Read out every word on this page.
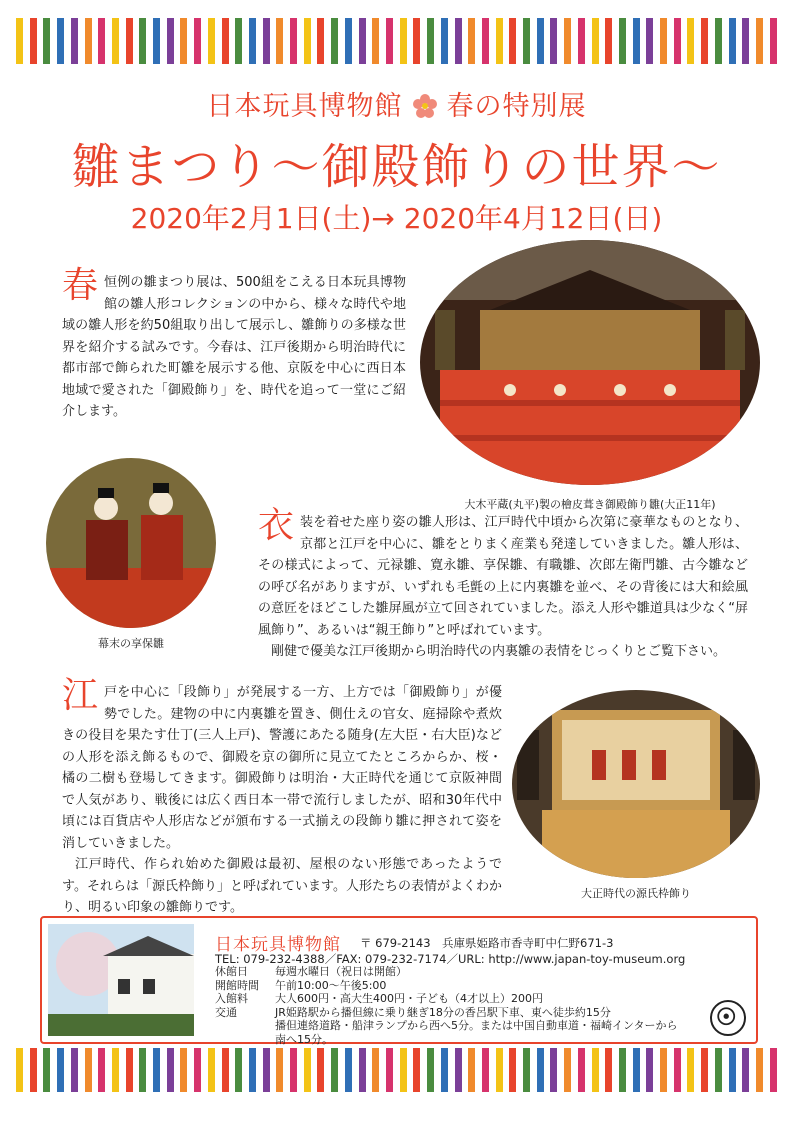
日本玩具博物館 春の特別展
雛まつり～御殿飾りの世界～
2020年2月1日(土)→ 2020年4月12日(日)
春 恒例の雛まつり展は、500組をこえる日本玩具博物館の雛人形コレクションの中から、様々な時代や地域の雛人形を約50組取り出して展示し、雛飾りの多様な世界を紹介する試みです。今春は、江戸後期から明治時代に都市部で飾られた町雛を展示する他、京阪を中心に西日本地域で愛された「御殿飾り」を、時代を追って一堂にご紹介します。
大木平蔵(丸平)製の檜皮葺き御殿飾り雛(大正11年)
幕末の享保雛
衣 装を着せた座り姿の雛人形は、江戸時代中頃から次第に豪華なものとなり、京都と江戸を中心に、雛をとりまく産業も発達していきました。雛人形は、その様式によって、元禄雛、寛永雛、享保雛、有職雛、次郎左衛門雛、古今雛などの呼び名がありますが、いずれも毛氈の上に内裏雛を並べ、その背後には大和絵風の意匠をほどこした雛屏風が立て回されていました。添え人形や雛道具は少なく“屏風飾り”、あるいは“親王飾り”と呼ばれています。

剛健で優美な江戸後期から明治時代の内裏雛の表情をじっくりとご覧下さい。

江 戸を中心に「段飾り」が発展する一方、上方では「御殿飾り」が優勢でした。建物の中に内裏雛を置き、側仕えの官女、庭掃除や煮炊きの役目を果たす仕丁(三人上戸)、警護にあたる随身(左大臣・右大臣)などの人形を添え飾るもので、御殿を京の御所に見立てたところからか、桜・橘の二樹も登場してきます。御殿飾りは明治・大正時代を通じて京阪神間で人気があり、戦後には広く西日本一帯で流行しましたが、昭和30年代中頃には百貨店や人形店などが頒布する一式揃えの段飾り雛に押されて姿を消していきました。

江戸時代、作られ始めた御殿は最初、屋根のない形態であったようです。それらは「源氏枠飾り」と呼ばれています。人形たちの表情がよくわかり、明るい印象の雛飾りです。

大正時代の源氏枠飾り
日本玩具博物館 〒 679-2143　兵庫県姫路市香寺町中仁野671-3
TEL: 079-232-4388／FAX: 079-232-7174／URL: http://www.japan-toy-museum.org
休館日	毎週水曜日（祝日は開館）
開館時間	午前10:00～午後5:00
入館料	大人600円・高大生400円・子ども（4才以上）200円
交通	JR姫路駅から播但線に乗り継ぎ18分の香呂駅下車、東へ徒歩約15分
播但連絡道路・船津ランプから西へ5分。または中国自動車道・福崎インターから
南へ15分。
